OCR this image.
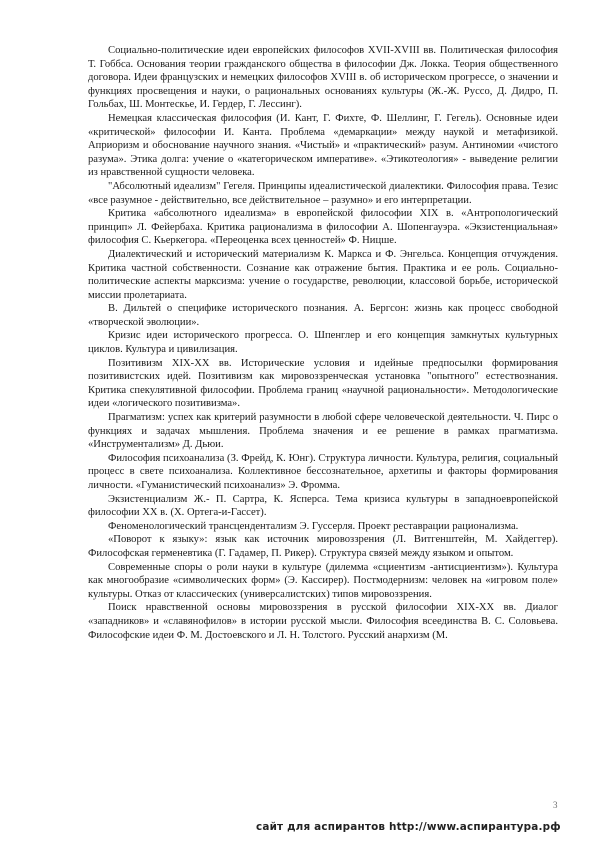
Социально-политические идеи европейских философов XVII-XVIII вв. Политическая философия Т. Гоббса. Основания теории гражданского общества в философии Дж. Локка. Теория общественного договора. Идеи французских и немецких философов XVIII в. об историческом прогрессе, о значении и функциях просвещения и науки, о рациональных основаниях культуры (Ж.-Ж. Руссо, Д. Дидро, П. Гольбах, Ш. Монтескье, И. Гердер, Г. Лессинг).

Немецкая классическая философия (И. Кант, Г. Фихте, Ф. Шеллинг, Г. Гегель). Основные идеи «критической» философии И. Канта. Проблема «демаркации» между наукой и метафизикой. Априоризм и обоснование научного знания. «Чистый» и «практический» разум. Антиномии «чистого разума». Этика долга: учение о «категорическом императиве». «Этикотеология» - выведение религии из нравственной сущности человека.

"Абсолютный идеализм" Гегеля. Принципы идеалистической диалектики. Философия права. Тезис «все разумное - действительно, все действительное – разумно» и его интерпретации.

Критика «абсолютного идеализма» в европейской философии XIX в. «Антропологический принцип» Л. Фейербаха. Критика рационализма в философии А. Шопенгауэра. «Экзистенциальная» философия С. Кьеркегора. «Переоценка всех ценностей» Ф. Ницше.

Диалектический и исторический материализм К. Маркса и Ф. Энгельса. Концепция отчуждения. Критика частной собственности. Сознание как отражение бытия. Практика и ее роль. Социально-политические аспекты марксизма: учение о государстве, революции, классовой борьбе, исторической миссии пролетариата.

В. Дильтей о специфике исторического познания. А. Бергсон: жизнь как процесс свободной «творческой эволюции».

Кризис идеи исторического прогресса. О. Шпенглер и его концепция замкнутых культурных циклов. Культура и цивилизация.

Позитивизм XIX-XX вв. Исторические условия и идейные предпосылки формирования позитивистских идей. Позитивизм как мировоззренческая установка "опытного" естествознания. Критика спекулятивной философии. Проблема границ «научной рациональности». Методологические идеи «логического позитивизма».

Прагматизм: успех как критерий разумности в любой сфере человеческой деятельности. Ч. Пирс о функциях и задачах мышления. Проблема значения и ее решение в рамках прагматизма. «Инструментализм» Д. Дьюи.

Философия психоанализа (З. Фрейд, К. Юнг). Структура личности. Культура, религия, социальный процесс в свете психоанализа. Коллективное бессознательное, архетипы и факторы формирования личности. «Гуманистический психоанализ» Э. Фромма.

Экзистенциализм Ж.- П. Сартра, К. Ясперса. Тема кризиса культуры в западноевропейской философии XX в. (Х. Ортега-и-Гассет).

Феноменологический трансцендентализм Э. Гуссерля. Проект реставрации рационализма.

«Поворот к языку»: язык как источник мировоззрения (Л. Витгенштейн, М. Хайдеггер). Философская герменевтика (Г. Гадамер, П. Рикер). Структура связей между языком и опытом.

Современные споры о роли науки в культуре (дилемма «сциентизм -антисциентизм»). Культура как многообразие «символических форм» (Э. Кассирер). Постмодернизм: человек на «игровом поле» культуры. Отказ от классических (универсалистских) типов мировоззрения.

Поиск нравственной основы мировоззрения в русской философии XIX-XX вв. Диалог «западников» и «славянофилов» в истории русской мысли. Философия всеединства В. С. Соловьева. Философские идеи Ф. М. Достоевского и Л. Н. Толстого. Русский анархизм (М.

3
сайт для аспирантов http://www.аспирантура.рф
